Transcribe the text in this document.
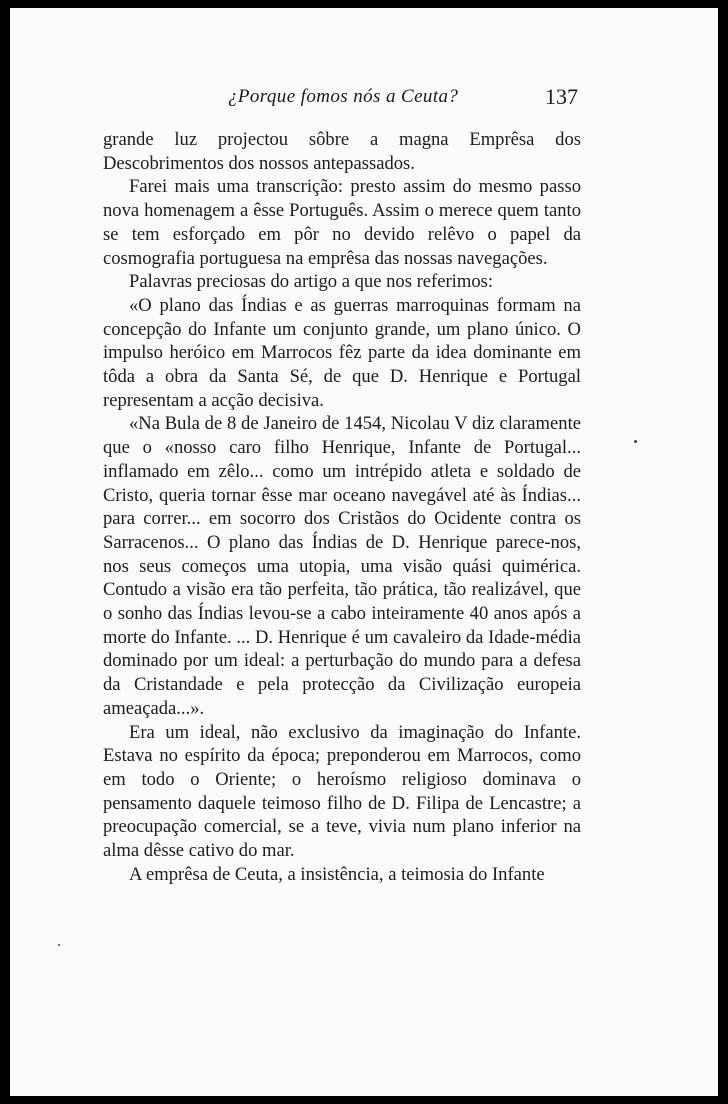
¿Porque fomos nós a Ceuta?	137

grande luz projectou sôbre a magna Emprêsa dos Descobrimentos dos nossos antepassados.

Farei mais uma transcrição: presto assim do mesmo passo nova homenagem a êsse Português. Assim o merece quem tanto se tem esforçado em pôr no devido relêvo o papel da cosmografia portuguesa na emprêsa das nossas navegações.

Palavras preciosas do artigo a que nos referimos:

«O plano das Índias e as guerras marroquinas formam na concepção do Infante um conjunto grande, um plano único. O impulso heróico em Marrocos fêz parte da idea dominante em tôda a obra da Santa Sé, de que D. Henrique e Portugal representam a acção decisiva.

«Na Bula de 8 de Janeiro de 1454, Nicolau V diz claramente que o «nosso caro filho Henrique, Infante de Portugal... inflamado em zêlo... como um intrépido atleta e soldado de Cristo, queria tornar êsse mar oceano navegável até às Índias... para correr... em socorro dos Cristãos do Ocidente contra os Sarracenos... O plano das Índias de D. Henrique parece-nos, nos seus começos uma utopia, uma visão quási quimérica. Contudo a visão era tão perfeita, tão prática, tão realizável, que o sonho das Índias levou-se a cabo inteiramente 40 anos após a morte do Infante. ... D. Henrique é um cavaleiro da Idade-média dominado por um ideal: a perturbação do mundo para a defesa da Cristandade e pela protecção da Civilização europeia ameaçada...».

Era um ideal, não exclusivo da imaginação do Infante. Estava no espírito da época; preponderou em Marrocos, como em todo o Oriente; o heroísmo religioso dominava o pensamento daquele teimoso filho de D. Filipa de Lencastre; a preocupação comercial, se a teve, vivia num plano inferior na alma dêsse cativo do mar.

A emprêsa de Ceuta, a insistência, a teimosia do Infante
